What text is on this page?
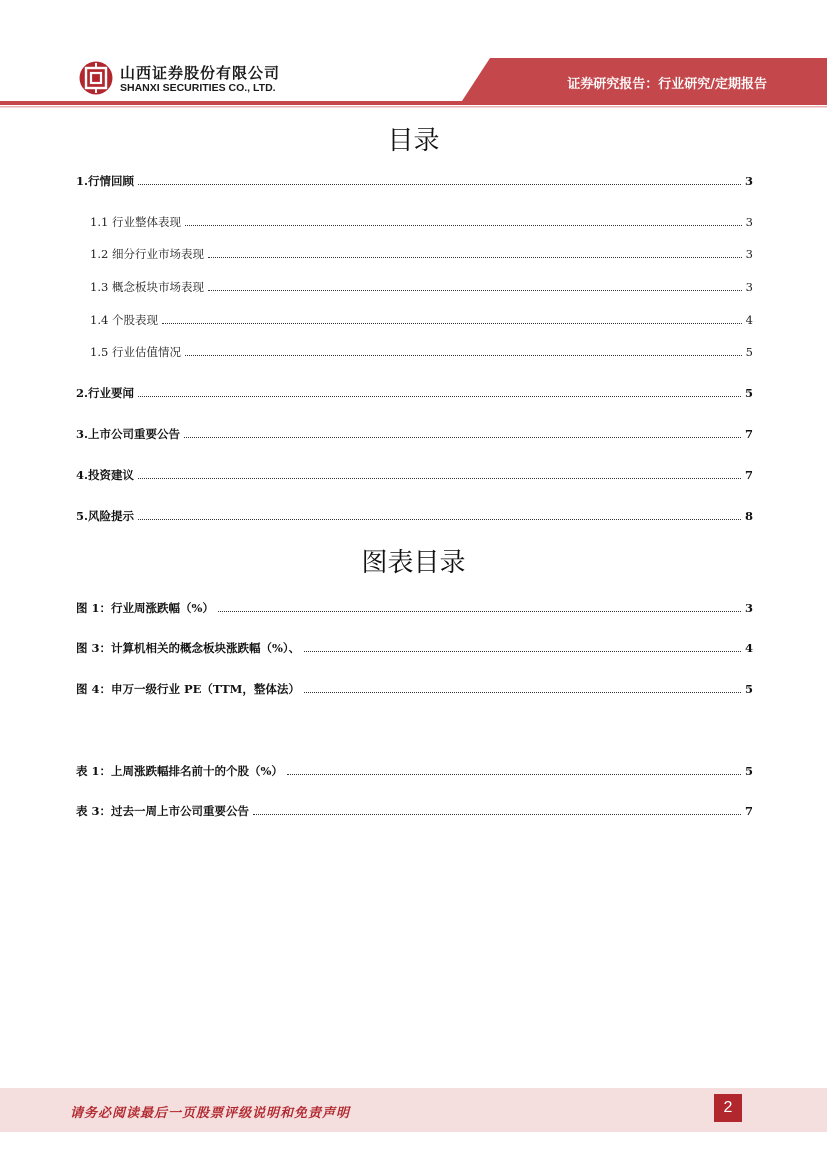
山西证券股份有限公司
SHANXI SECURITIES CO., LTD.	证券研究报告：行业研究/定期报告
目录
1.行情回顾	3
1.1 行业整体表现	3
1.2 细分行业市场表现	3
1.3 概念板块市场表现	3
1.4 个股表现	4
1.5 行业估值情况	5
2.行业要闻	5
3.上市公司重要公告	7
4.投资建议	7
5.风险提示	8
图表目录
图 1：行业周涨跌幅（%）	3
图 3：计算机相关的概念板块涨跌幅（%）、	4
图 4：申万一级行业 PE（TTM，整体法）	5
表 1：上周涨跌幅排名前十的个股（%）	5
表 3：过去一周上市公司重要公告	7
请务必阅读最后一页股票评级说明和免责声明	2
